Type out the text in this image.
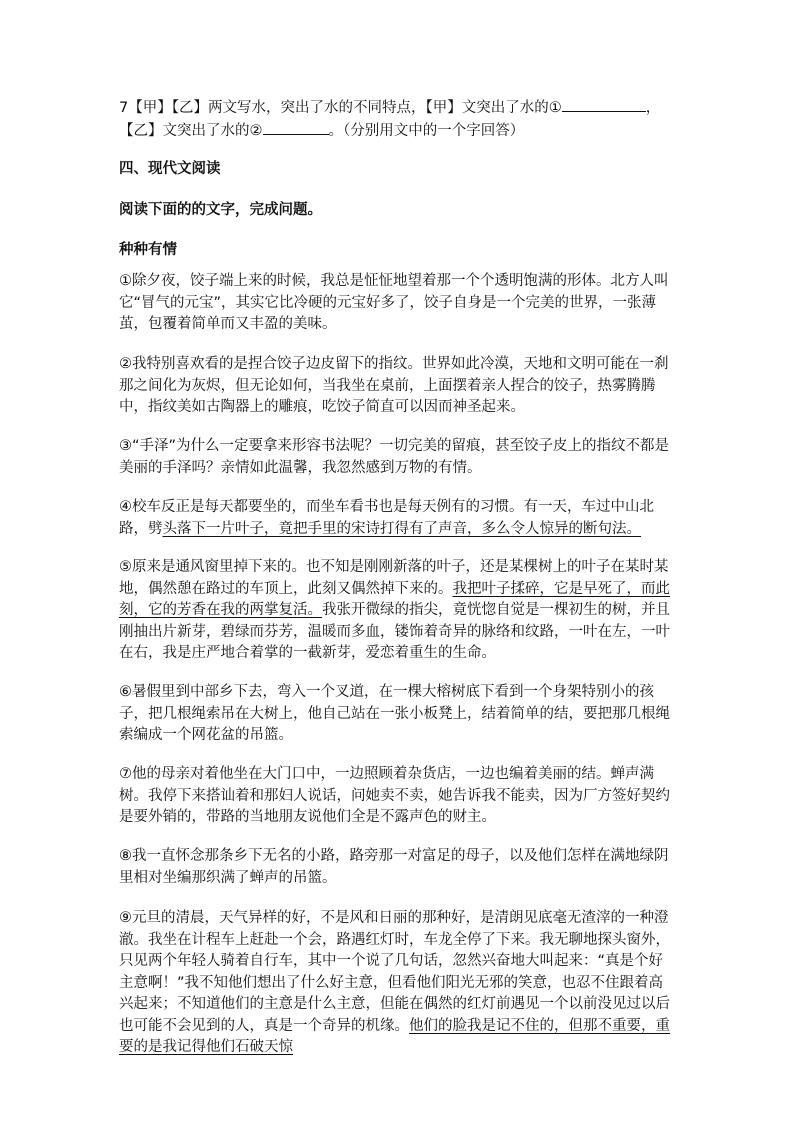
7【甲】【乙】两文写水，突出了水的不同特点，【甲】文突出了水的①	，【乙】文突出了水的②	。（分别用文中的一个字回答）

四、现代文阅读

阅读下面的的文字，完成问题。

种种有情

①除夕夜，饺子端上来的时候，我总是怔怔地望着那一个个透明饱满的形体。北方人叫它“冒气的元宝”，其实它比冷硬的元宝好多了，饺子自身是一个完美的世界，一张薄茧，包覆着简单而又丰盈的美味。

②我特别喜欢看的是捏合饺子边皮留下的指纹。世界如此冷漠，天地和文明可能在一刹那之间化为灰烬，但无论如何，当我坐在桌前，上面摆着亲人捏合的饺子，热雾腾腾中，指纹美如古陶器上的雕痕，吃饺子简直可以因而神圣起来。

③“手泽”为什么一定要拿来形容书法呢？一切完美的留痕，甚至饺子皮上的指纹不都是美丽的手泽吗？亲情如此温馨，我忽然感到万物的有情。

④校车反正是每天都要坐的，而坐车看书也是每天例有的习惯。有一天，车过中山北路，劈头落下一片叶子，竟把手里的宋诗打得有了声音，多么令人惊异的断句法。

⑤原来是通风窗里掉下来的。也不知是刚刚新落的叶子，还是某棵树上的叶子在某时某地，偶然憩在路过的车顶上，此刻又偶然掉下来的。我把叶子揉碎，它是早死了，而此刻，它的芳香在我的两掌复活。我张开微绿的指尖，竟恍惚自觉是一棵初生的树，并且刚抽出片新芽，碧绿而芬芳，温暖而多血，镂饰着奇异的脉络和纹路，一叶在左，一叶在右，我是庄严地合着掌的一截新芽，爱恋着重生的生命。

⑥暑假里到中部乡下去，弯入一个叉道，在一棵大榕树底下看到一个身架特别小的孩子，把几根绳索吊在大树上，他自己站在一张小板凳上，结着简单的结，要把那几根绳索编成一个网花盆的吊篮。

⑦他的母亲对着他坐在大门口中，一边照顾着杂货店，一边也编着美丽的结。蝉声满树。我停下来搭讪着和那妇人说话，问她卖不卖，她告诉我不能卖，因为厂方签好契约是要外销的，带路的当地朋友说他们全是不露声色的财主。

⑧我一直怀念那条乡下无名的小路，路旁那一对富足的母子，以及他们怎样在满地绿阴里相对坐编那织满了蝉声的吊篮。

⑨元旦的清晨，天气异样的好，不是风和日丽的那种好，是清朗见底毫无渣滓的一种澄澈。我坐在计程车上赶赴一个会，路遇红灯时，车龙全停了下来。我无聊地探头窗外，只见两个年轻人骑着自行车，其中一个说了几句话，忽然兴奋地大叫起来：“真是个好主意啊！”我不知他们想出了什么好主意，但看他们阳光无邪的笑意，也忍不住跟着高兴起来；不知道他们的主意是什么主意，但能在偶然的红灯前遇见一个以前没见过以后也可能不会见到的人，真是一个奇异的机缘。他们的脸我是记不住的，但那不重要，重要的是我记得他们石破天惊
